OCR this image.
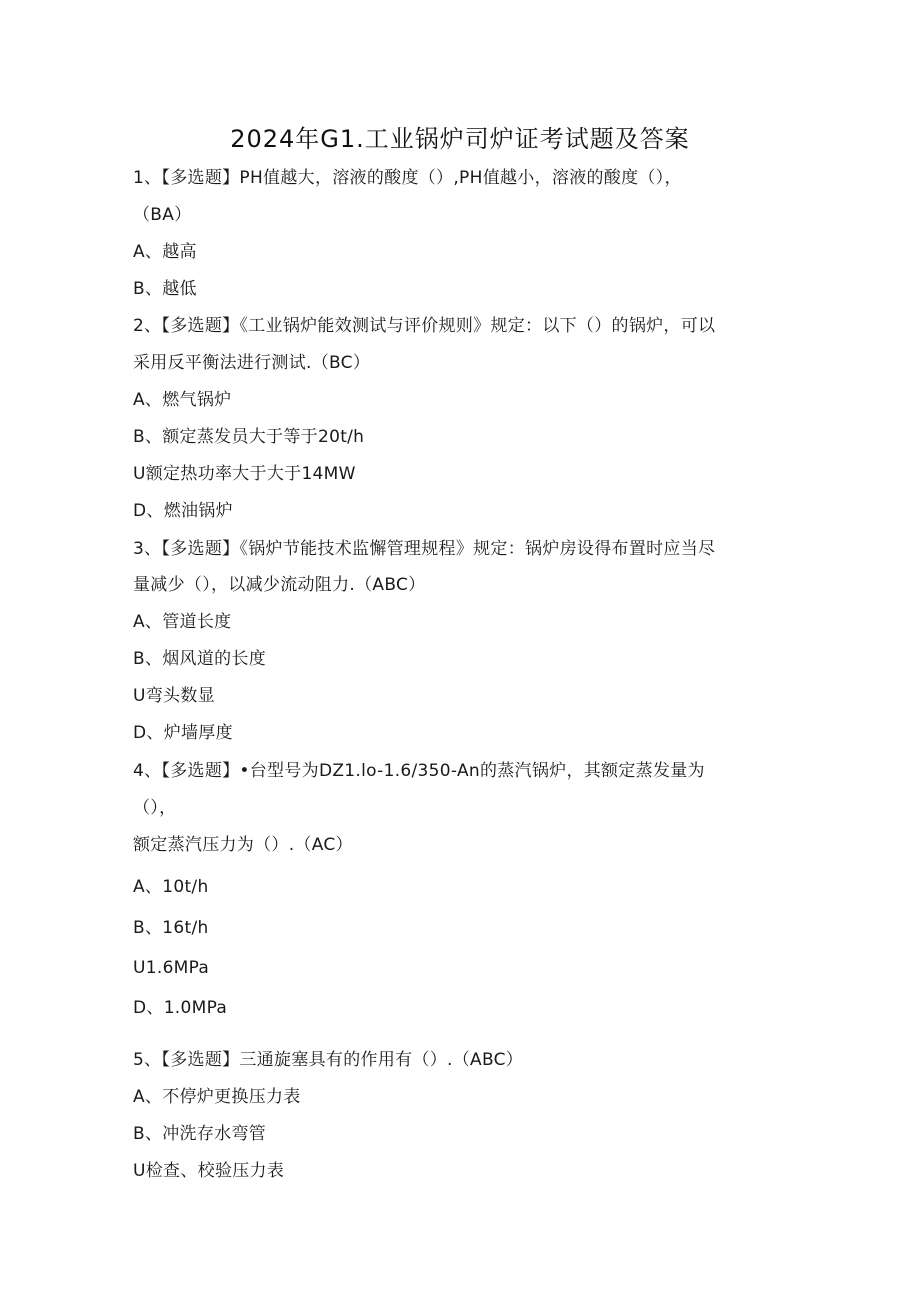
2024年G1.工业锅炉司炉证考试题及答案
1、【多选题】PH值越大，溶液的酸度（）,PH值越小，溶液的酸度（），
（BA）
A、越高
B、越低
2、【多选题】《工业锅炉能效测试与评价规则》规定：以下（）的锅炉，可以
采用反平衡法进行测试.（BC）
A、燃气锅炉
B、额定蒸发员大于等于20t∕h
U额定热功率大于大于14MW
D、燃油锅炉
3、【多选题】《锅炉节能技术监懈管理规程》规定：锅炉房设得布置时应当尽
量减少（），以减少流动阻力.（ABC）
A、管道长度
B、烟风道的长度
U弯头数显
D、炉墙厚度
4、【多选题】•台型号为DZ1.lo-1.6/350-An的蒸汽锅炉，其额定蒸发量为
（），
额定蒸汽压力为（）.（AC）
A、10t∕h
B、16t∕h
U1.6MPa
D、1.0MPa
5、【多选题】三通旋塞具有的作用有（）.（ABC）
A、不停炉更换压力表
B、冲洗存水弯管
U检查、校验压力表
